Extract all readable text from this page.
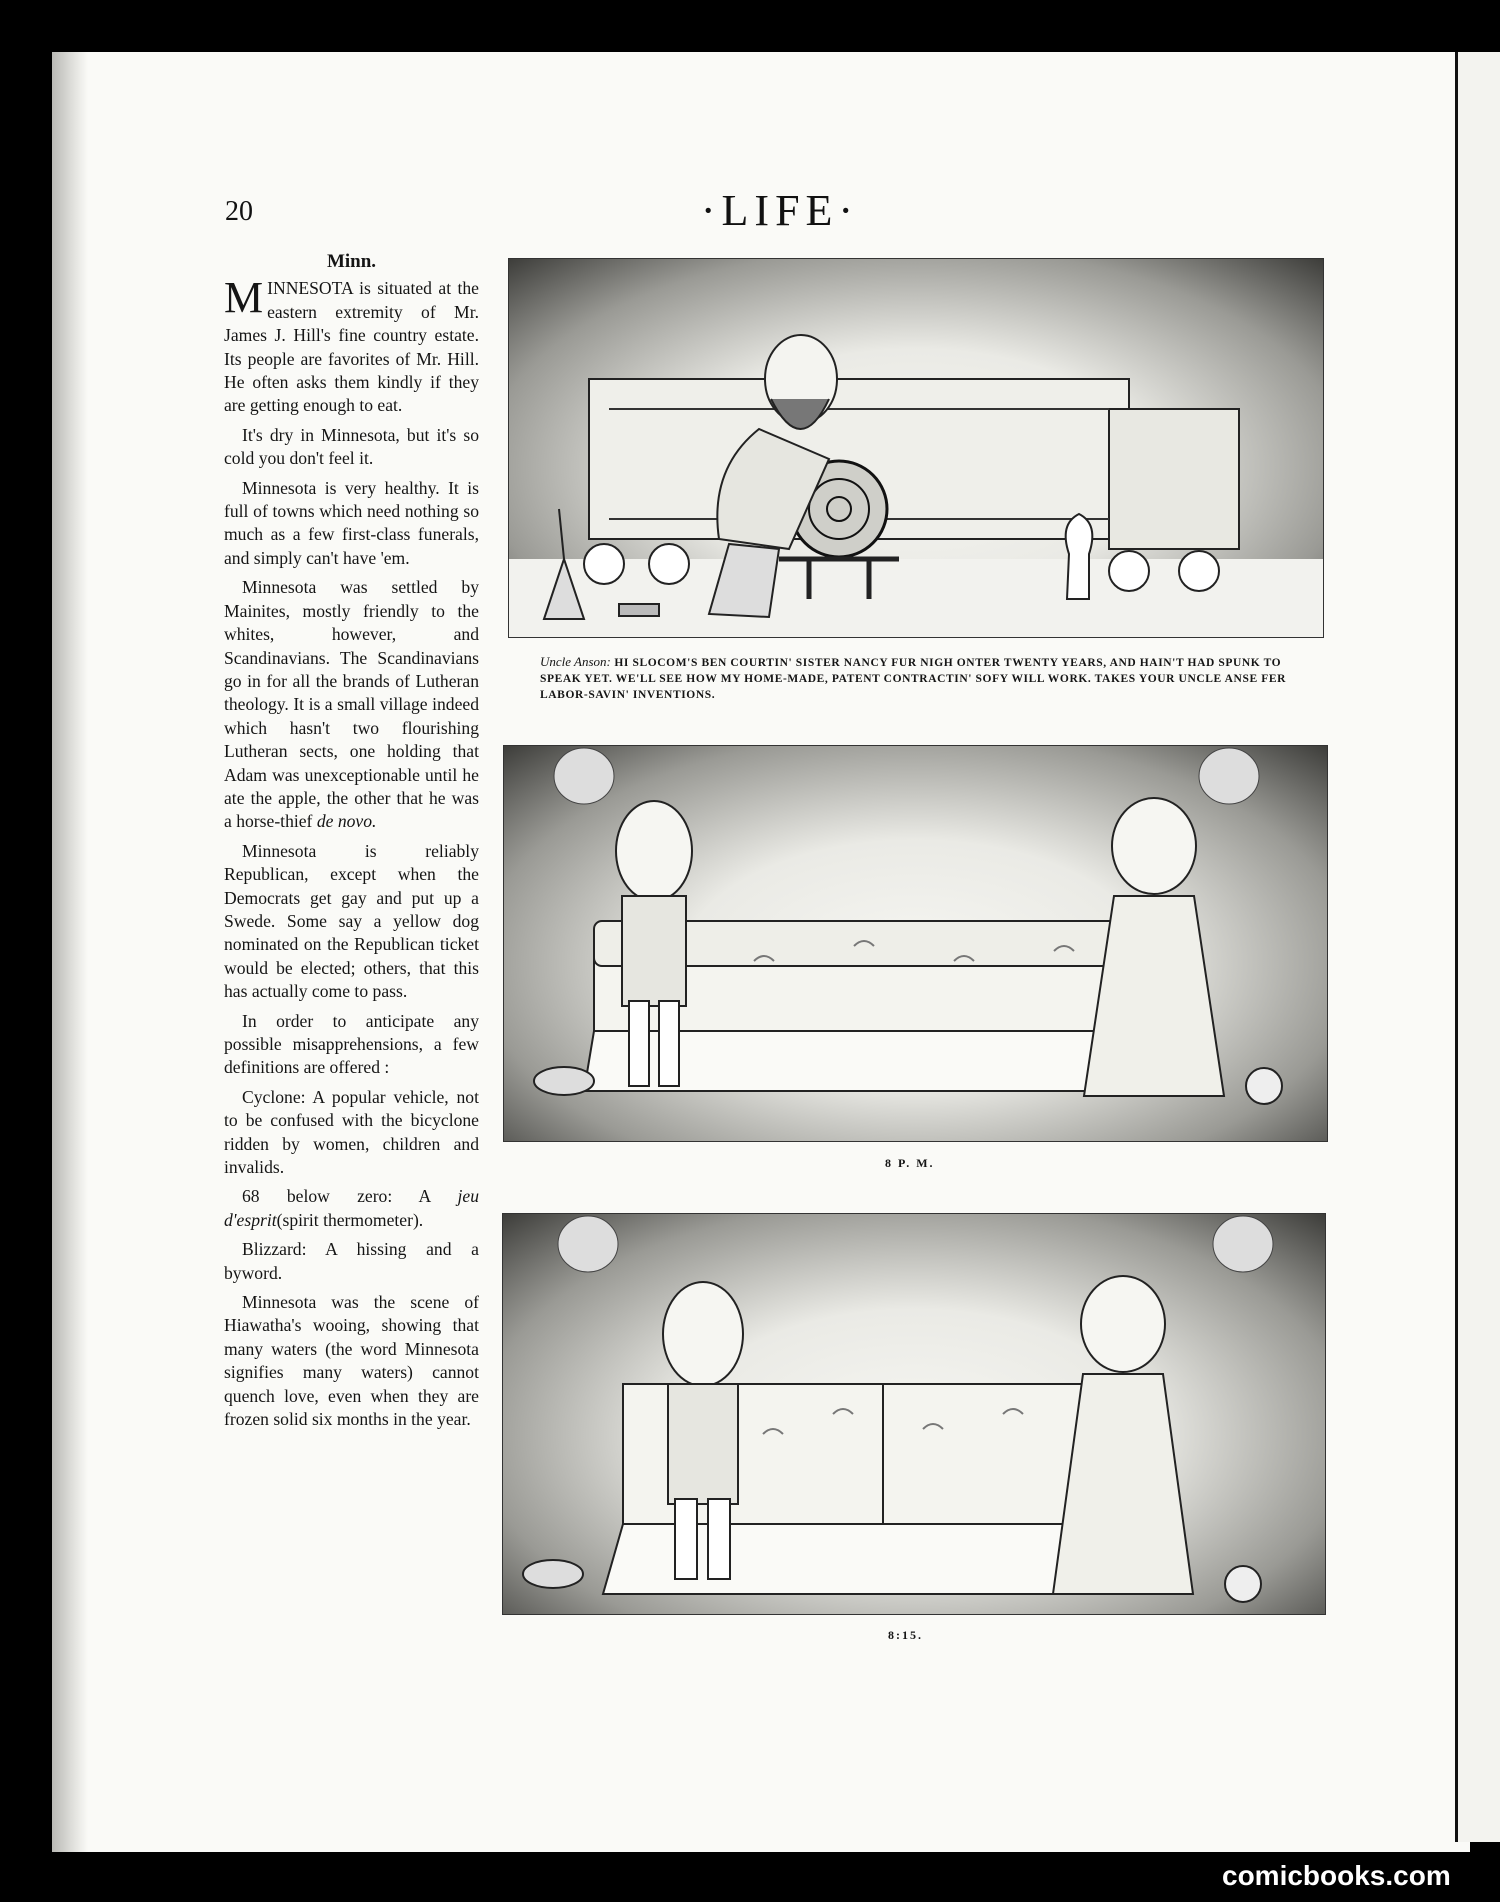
20	·LIFE·
Minn.

MINNESOTA is situated at the eastern extremity of Mr. James J. Hill's fine country estate. Its people are favorites of Mr. Hill. He often asks them kindly if they are getting enough to eat.

It's dry in Minnesota, but it's so cold you don't feel it.

Minnesota is very healthy. It is full of towns which need nothing so much as a few first-class funerals, and simply can't have 'em.

Minnesota was settled by Mainites, mostly friendly to the whites, however, and Scandinavians. The Scandinavians go in for all the brands of Lutheran theology. It is a small village indeed which hasn't two flourishing Lutheran sects, one holding that Adam was unexceptionable until he ate the apple, the other that he was a horse-thief de novo.

Minnesota is reliably Republican, except when the Democrats get gay and put up a Swede. Some say a yellow dog nominated on the Republican ticket would be elected; others, that this has actually come to pass.

In order to anticipate any possible misapprehensions, a few definitions are offered :

Cyclone: A popular vehicle, not to be confused with the bicyclone ridden by women, children and invalids.

68 below zero: A jeu d'esprit(spirit thermometer).

Blizzard: A hissing and a byword.

Minnesota was the scene of Hiawatha's wooing, showing that many waters (the word Minnesota signifies many waters) cannot quench love, even when they are frozen solid six months in the year.

Uncle Anson: HI SLOCOM'S BEN COURTIN' SISTER NANCY FUR NIGH ONTER TWENTY YEARS, AND HAIN'T HAD SPUNK TO SPEAK YET. WE'LL SEE HOW MY HOME-MADE, PATENT CONTRACTIN' SOFY WILL WORK. TAKES YOUR UNCLE ANSE FER LABOR-SAVIN' INVENTIONS.
8 P. M.
8:15.
comicbooks.com
